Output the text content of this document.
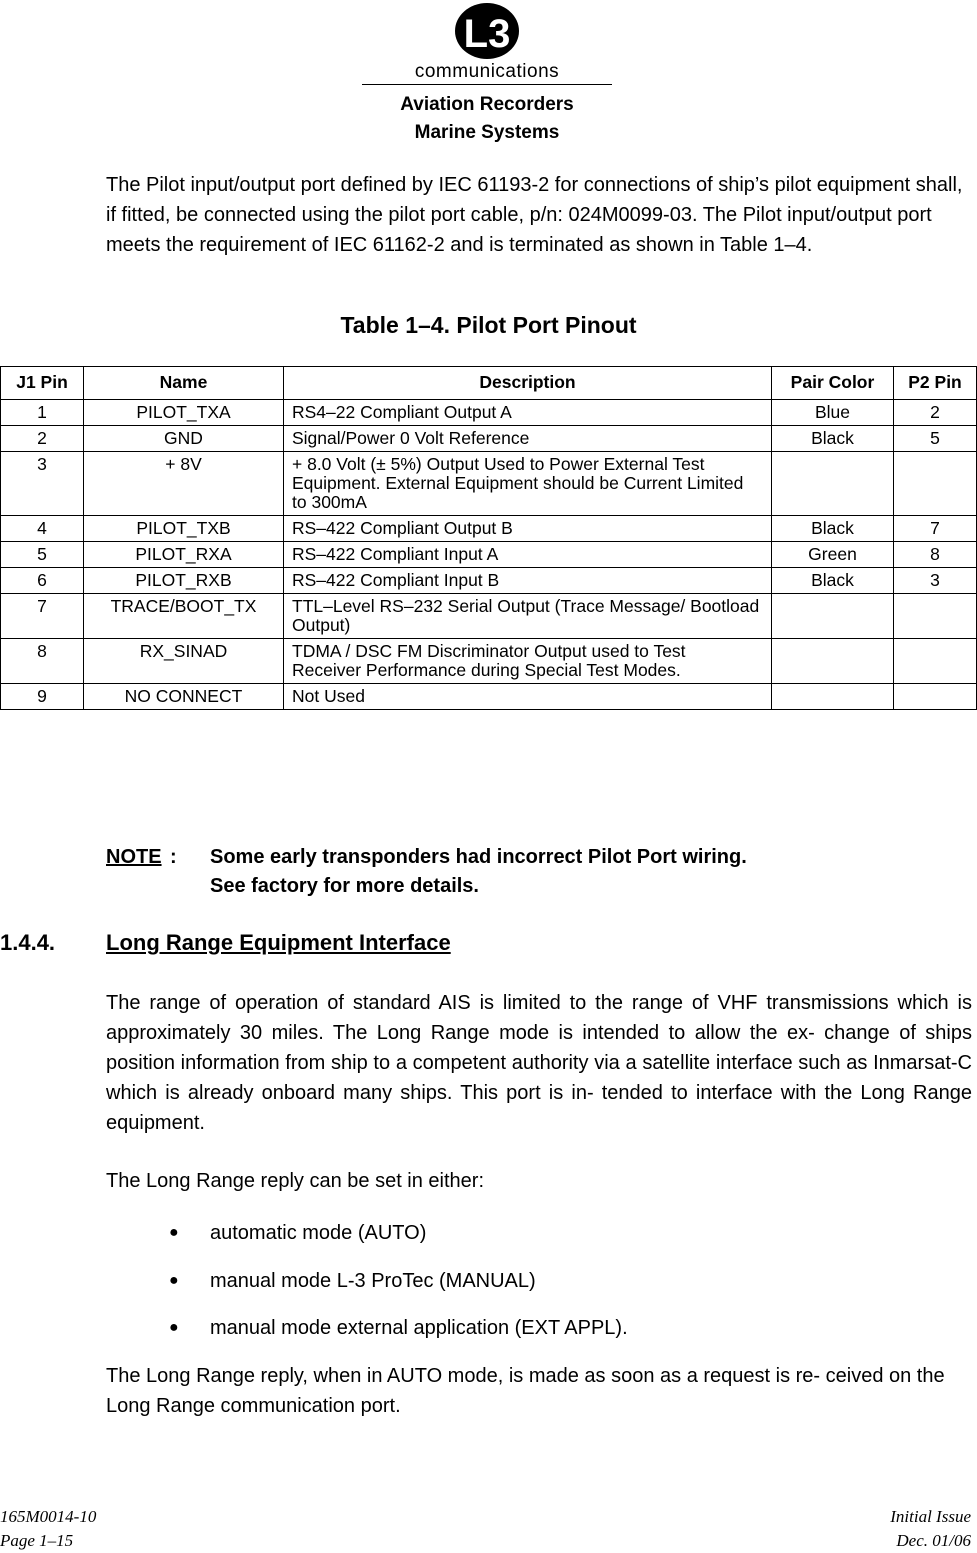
L3
communications
Aviation Recorders
Marine Systems
The Pilot input/output port defined by IEC 61193-2 for connections of ship’s pilot equipment shall, if fitted, be connected using the pilot port cable, p/n: 024M0099-03. The Pilot input/output port meets the requirement of IEC 61162-2 and is terminated as shown in Table 1–4.
Table 1–4. Pilot Port Pinout
J1 Pin	Name	Description	Pair Color	P2 Pin
1	PILOT_TXA	RS4–22 Compliant Output A	Blue	2
2	GND	Signal/Power 0 Volt Reference	Black	5
3	+ 8V	+ 8.0 Volt (± 5%) Output Used to Power External Test Equipment. External Equipment should be Current Limited to 300mA		
4	PILOT_TXB	RS–422 Compliant Output B	Black	7
5	PILOT_RXA	RS–422 Compliant Input A	Green	8
6	PILOT_RXB	RS–422 Compliant Input B	Black	3
7	TRACE/BOOT_TX	TTL–Level RS–232 Serial Output (Trace Message/ Bootload Output)		
8	RX_SINAD	TDMA / DSC FM Discriminator Output used to Test Receiver Performance during Special Test Modes.		
9	NO CONNECT	Not Used		
NOTE : Some early transponders had incorrect Pilot Port wiring.
See factory for more details.
1.4.4. Long Range Equipment Interface
The range of operation of standard AIS is limited to the range of VHF transmissions which is approximately 30 miles. The Long Range mode is intended to allow the ex- change of ships position information from ship to a competent authority via a satellite interface such as Inmarsat-C which is already onboard many ships. This port is in- tended to interface with the Long Range equipment.
The Long Range reply can be set in either:
● automatic mode (AUTO)
● manual mode L-3 ProTec (MANUAL)
● manual mode external application (EXT APPL).
The Long Range reply, when in AUTO mode, is made as soon as a request is re- ceived on the Long Range communication port.
165M0014-10
Page 1–15
Initial Issue
Dec. 01/06
